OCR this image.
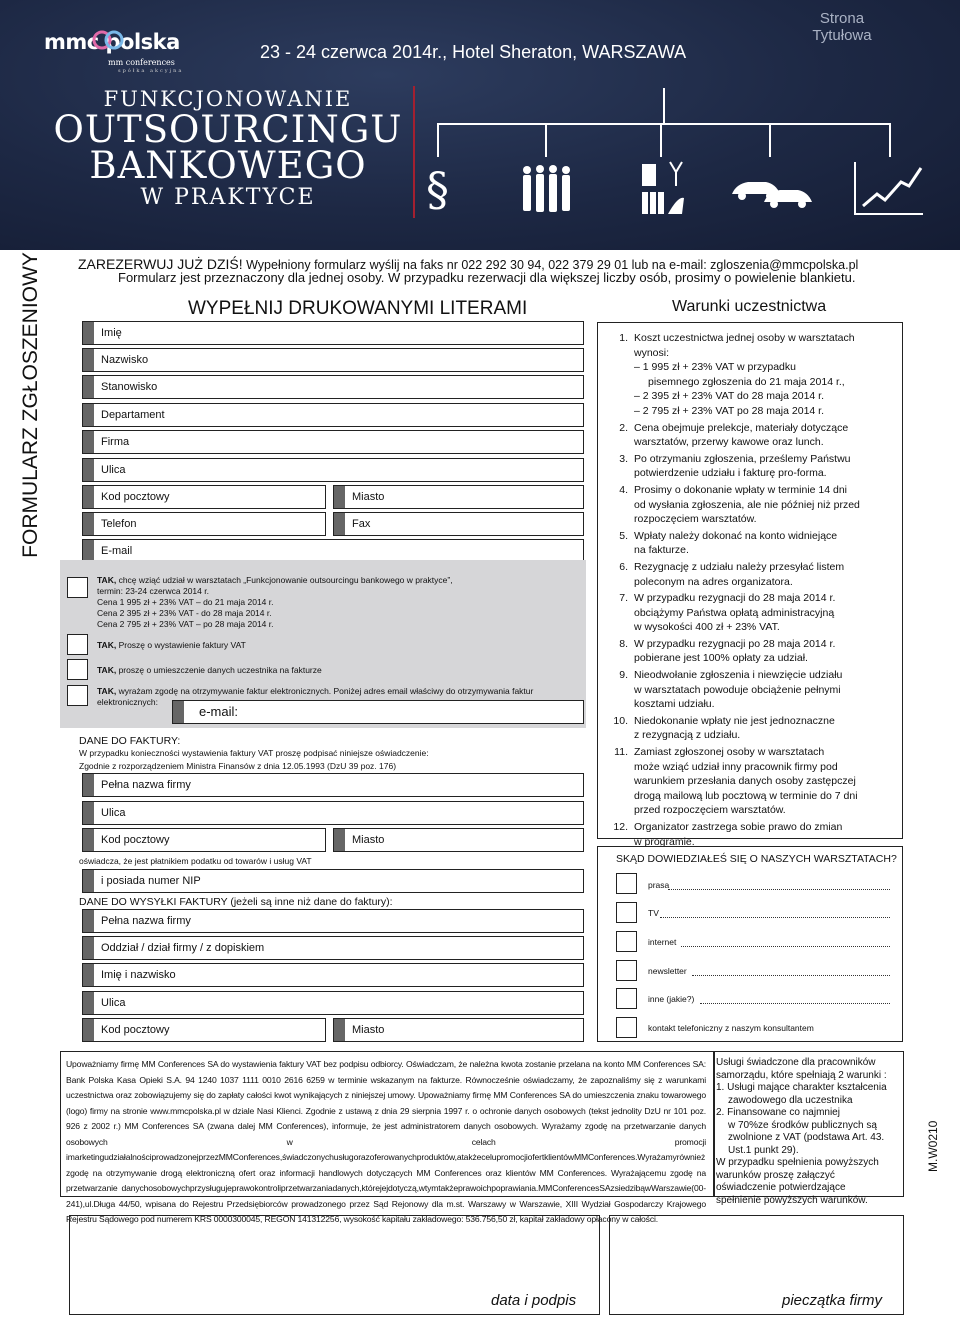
mmc polska
mm conferences
spółka akcyjna
23 - 24 czerwca 2014r., Hotel Sheraton, WARSZAWA
Strona
Tytułowa
FUNKCJONOWANIE
OUTSOURCINGU
BANKOWEGO
W PRAKTYCE	§
FORMULARZ ZGŁOSZENIOWY
M.W0210
ZAREZERWUJ JUŻ DZIŚ! Wypełniony formularz wyślij na faks nr 022 292 30 94, 022 379 29 01 lub na e-mail: zgloszenia@mmcpolska.pl
Formularz jest przeznaczony dla jednej osoby. W przypadku rezerwacji dla większej liczby osób, prosimy o powielenie blankietu.
WYPEŁNIJ DRUKOWANYMI LITERAMI	Warunki uczestnictwa
Imię
Nazwisko
Stanowisko
Departament
Firma
Ulica
Kod pocztowy	Miasto
Telefon	Fax
E-mail
TAK, chcę wziąć udział w warsztatach „Funkcjonowanie outsourcingu bankowego w praktyce”,
termin: 23-24 czerwca 2014 r.
Cena 1 995 zł + 23% VAT – do 21 maja 2014 r.
Cena 2 395 zł + 23% VAT - do 28 maja 2014 r.
Cena 2 795 zł + 23% VAT – po 28 maja 2014 r.
TAK, Proszę o wystawienie faktury VAT
TAK, proszę o umieszczenie danych uczestnika na fakturze
TAK, wyrażam zgodę na otrzymywanie faktur elektronicznych. Poniżej adres email właściwy do otrzymywania faktur
elektronicznych:
e-mail:
DANE DO FAKTURY:
W przypadku konieczności wystawienia faktury VAT proszę podpisać niniejsze oświadczenie:
Zgodnie z rozporządzeniem Ministra Finansów z dnia 12.05.1993 (DzU 39 poz. 176)
Pełna nazwa firmy
Ulica
Kod pocztowy	Miasto
oświadcza, że jest płatnikiem podatku od towarów i usług VAT
i posiada numer NIP
DANE DO WYSYŁKI FAKTURY (jeżeli są inne niż dane do faktury):
Pełna nazwa firmy
Oddział / dział firmy / z dopiskiem
Imię i nazwisko
Ulica
Kod pocztowy	Miasto
1. Koszt uczestnictwa jednej osoby w warsztatach
wynosi:
– 1 995 zł + 23% VAT w przypadku
pisemnego zgłoszenia do 21 maja 2014 r.,
– 2 395 zł + 23% VAT do 28 maja 2014 r.
– 2 795 zł + 23% VAT po 28 maja 2014 r.
2. Cena obejmuje prelekcje, materiały dotyczące
warsztatów, przerwy kawowe oraz lunch.
3. Po otrzymaniu zgłoszenia, prześlemy Państwu
potwierdzenie udziału i fakturę pro-forma.
4. Prosimy o dokonanie wpłaty w terminie 14 dni
od wysłania zgłoszenia, ale nie później niż przed
rozpoczęciem warsztatów.
5. Wpłaty należy dokonać na konto widniejące
na fakturze.
6. Rezygnację z udziału należy przesyłać listem
poleconym na adres organizatora.
7. W przypadku rezygnacji do 28 maja 2014 r.
obciążymy Państwa opłatą administracyjną
w wysokości 400 zł + 23% VAT.
8. W przypadku rezygnacji po 28 maja 2014 r.
pobierane jest 100% opłaty za udział.
9. Nieodwołanie zgłoszenia i niewzięcie udziału
w warsztatach powoduje obciążenie pełnymi
kosztami udziału.
10. Niedokonanie wpłaty nie jest jednoznaczne
z rezygnacją z udziału.
11. Zamiast zgłoszonej osoby w warsztatach
może wziąć udział inny pracownik firmy pod
warunkiem przesłania danych osoby zastępczej
drogą mailową lub pocztową w terminie do 7 dni
przed rozpoczęciem warsztatów.
12. Organizator zastrzega sobie prawo do zmian
w programie.
SKĄD DOWIEDZIAŁEŚ SIĘ O NASZYCH WARSZTATACH?
prasa
TV
internet
newsletter
inne (jakie?)
kontakt telefoniczny z naszym konsultantem
Upoważniamy firmę MM Conferences SA do wystawienia faktury VAT bez podpisu odbiorcy. Oświadczam, że należna kwota zostanie przelana na konto MM Conferences SA: Bank Polska Kasa Opieki S.A. 94 1240 1037 1111 0010 2616 6259 w terminie wskazanym na fakturze. Równocześnie oświadczamy, że zapoznaliśmy się z warunkami uczestnictwa oraz zobowiązujemy się do zapłaty całości kwot wynikających z niniejszej umowy. Upoważniamy firmę MM Conferences SA do umieszczenia znaku towarowego (logo) firmy na stronie www.mmcpolska.pl w dziale Nasi Klienci. Zgodnie z ustawą z dnia 29 sierpnia 1997 r. o ochronie danych osobowych (tekst jednolity DzU nr 101 poz. 926 z 2002 r.) MM Conferences SA (zwana dalej MM Conferences), informuje, że jest administratorem danych osobowych. Wyrażamy zgodę na przetwarzanie danych osobowych w celach promocji imarketingudziałalnościprowadzonejprzezMMConferences,świadczonychusługorazoferowanychproduktów,atakżecelupromocjiofertklientówMMConferences.Wyrażamyrównież zgodę na otrzymywanie drogą elektroniczną ofert oraz informacji handlowych dotyczących MM Conferences oraz klientów MM Conferences. Wyrażającemu zgodę na przetwarzanie danychosobowychprzysługujeprawokontroliprzetwarzaniadanych,którejejdotyczą,wtymtakżeprawoichpoprawiania.MMConferencesSAzsiedzibąwWarszawie(00-241),ul.Długa 44/50, wpisana do Rejestru Przedsiębiorców prowadzonego przez Sąd Rejonowy dla m.st. Warszawy w Warszawie, XIII Wydział Gospodarczy Krajowego Rejestru Sądowego pod numerem KRS 0000300045, REGON 141312256, wysokość kapitału zakładowego: 536.756,50 zł, kapitał zakładowy opłacony w całości.
Usługi świadczone dla pracowników
samorządu, które spełniają 2 warunki :
1. Usługi mające charakter kształcenia
zawodowego dla uczestnika
2. Finansowane co najmniej
w 70%ze środków publicznych są
zwolnione z VAT (podstawa Art. 43.
Ust.1 punkt 29).
W przypadku spełnienia powyższych
warunków proszę załączyć
oświadczenie potwierdzające
spełnienie powyższych warunków.
data i podpis	pieczątka firmy
